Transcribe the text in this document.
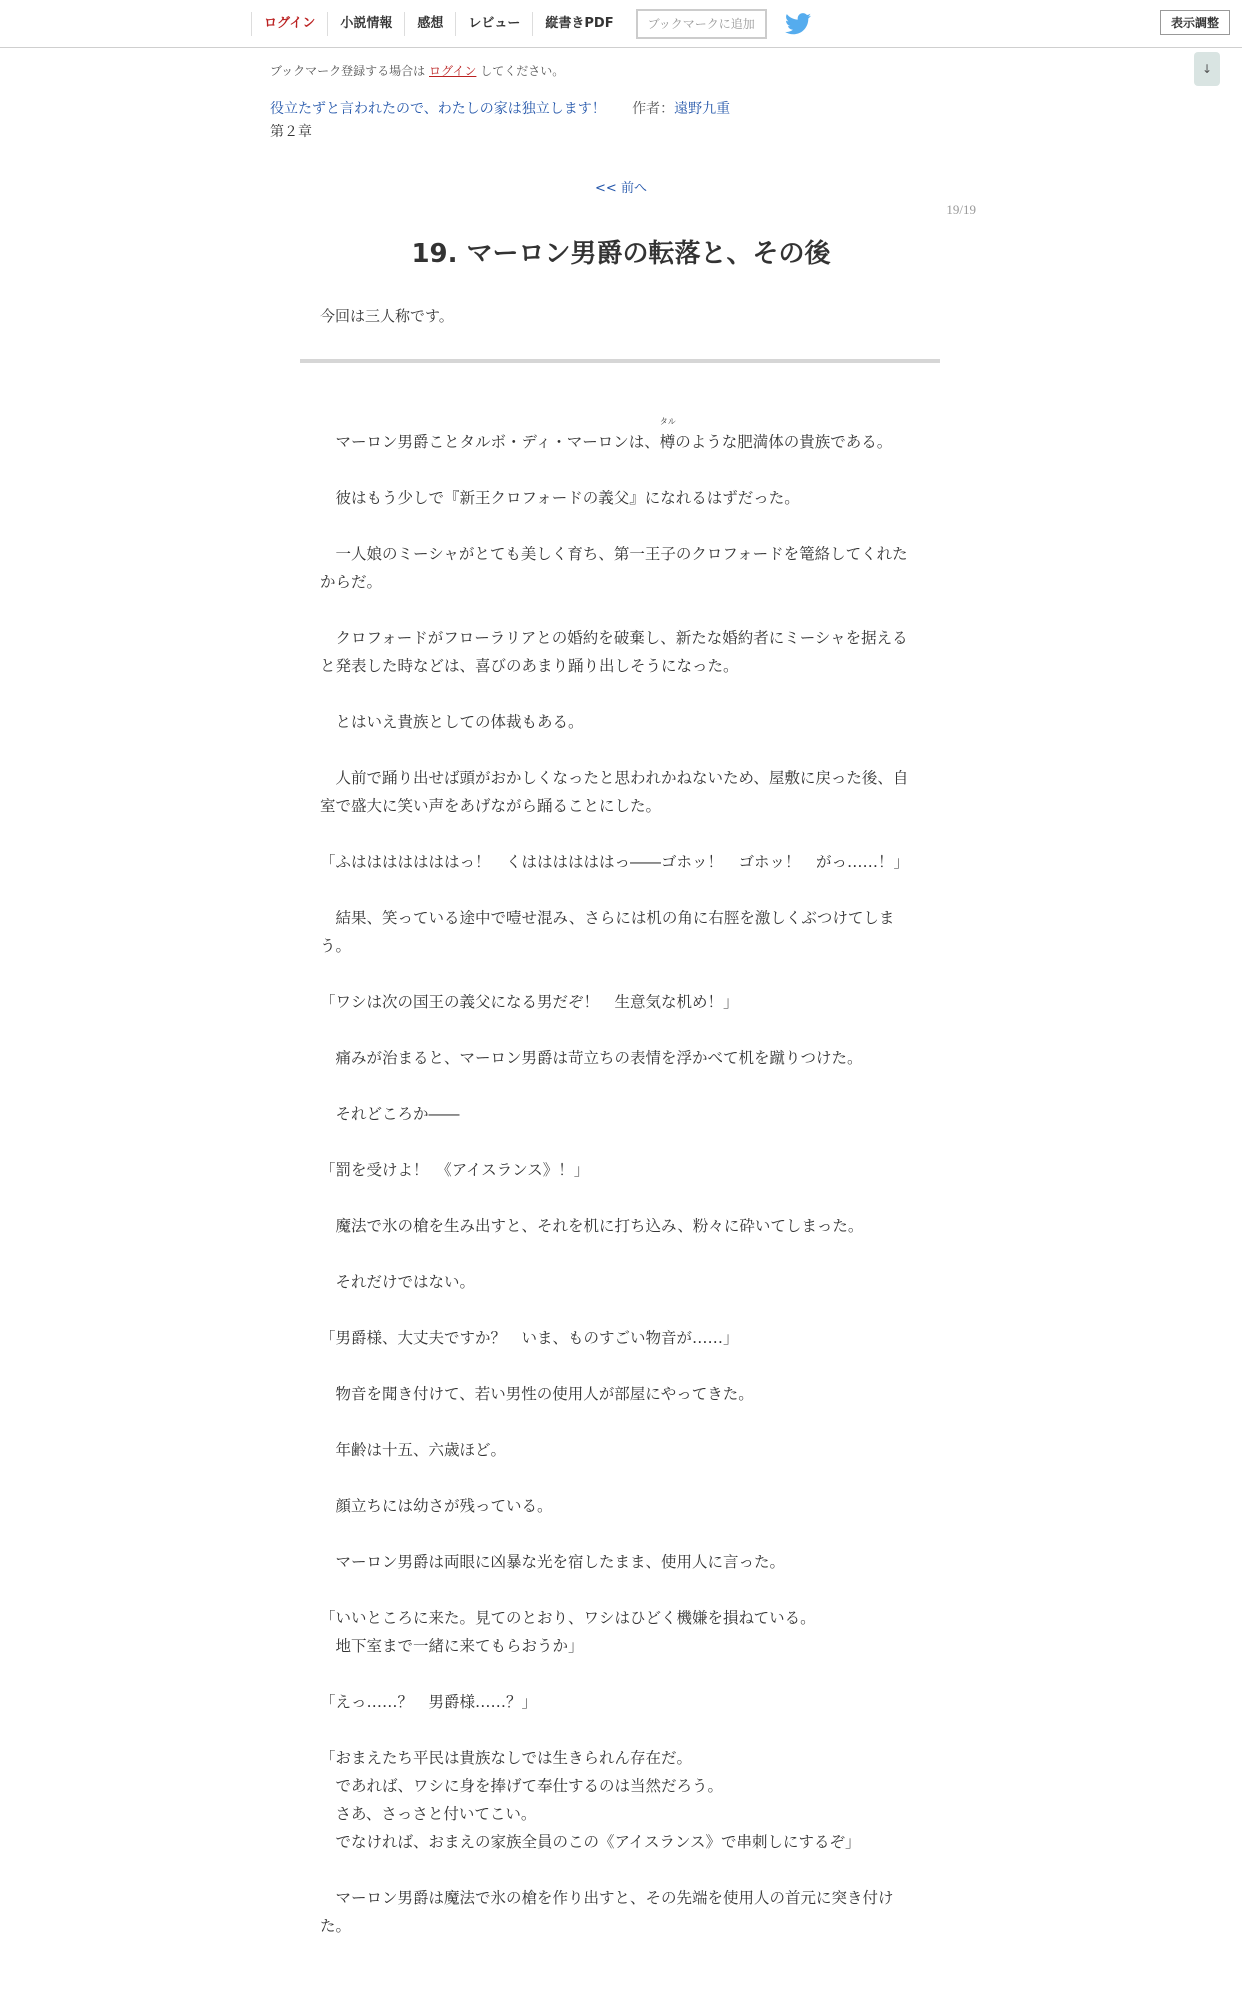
ログイン	小説情報	感想	レビュー	縦書きPDF	ブックマークに追加	表示調整
↓
ブックマーク登録する場合は ログイン してください。
役立たずと言われたので、わたしの家は独立します！ 作者：遠野九重
第２章
<< 前へ
19/19
19. マーロン男爵の転落と、その後
今回は三人称です。

　マーロン男爵ことタルボ・ディ・マーロンは、樽
タル
のような肥満体の貴族である。

　彼はもう少しで『新王クロフォードの義父』になれるはずだった。

　一人娘のミーシャがとても美しく育ち、第一王子のクロフォードを篭絡してくれたからだ。

　クロフォードがフローラリアとの婚約を破棄し、新たな婚約者にミーシャを据えると発表した時などは、喜びのあまり踊り出しそうになった。

　とはいえ貴族としての体裁もある。

　人前で踊り出せば頭がおかしくなったと思われかねないため、屋敷に戻った後、自室で盛大に笑い声をあげながら踊ることにした。

「ふはははははははっ！　くははははははっ――ゴホッ！　ゴホッ！　がっ……！」

　結果、笑っている途中で噎せ混み、さらには机の角に右脛を激しくぶつけてしまう。

「ワシは次の国王の義父になる男だぞ！　生意気な机め！」

　痛みが治まると、マーロン男爵は苛立ちの表情を浮かべて机を蹴りつけた。

　それどころか――

「罰を受けよ！　《アイスランス》！」

　魔法で氷の槍を生み出すと、それを机に打ち込み、粉々に砕いてしまった。

　それだけではない。

「男爵様、大丈夫ですか？　いま、ものすごい物音が……」

　物音を聞き付けて、若い男性の使用人が部屋にやってきた。

　年齢は十五、六歳ほど。

　顔立ちには幼さが残っている。

　マーロン男爵は両眼に凶暴な光を宿したまま、使用人に言った。

「いいところに来た。見てのとおり、ワシはひどく機嫌を損ねている。
　地下室まで一緒に来てもらおうか」

「えっ……？　男爵様……？」

「おまえたち平民は貴族なしでは生きられん存在だ。
　であれば、ワシに身を捧げて奉仕するのは当然だろう。
　さあ、さっさと付いてこい。
　でなければ、おまえの家族全員のこの《アイスランス》で串刺しにするぞ」

　マーロン男爵は魔法で氷の槍を作り出すと、その先端を使用人の首元に突き付けた。
